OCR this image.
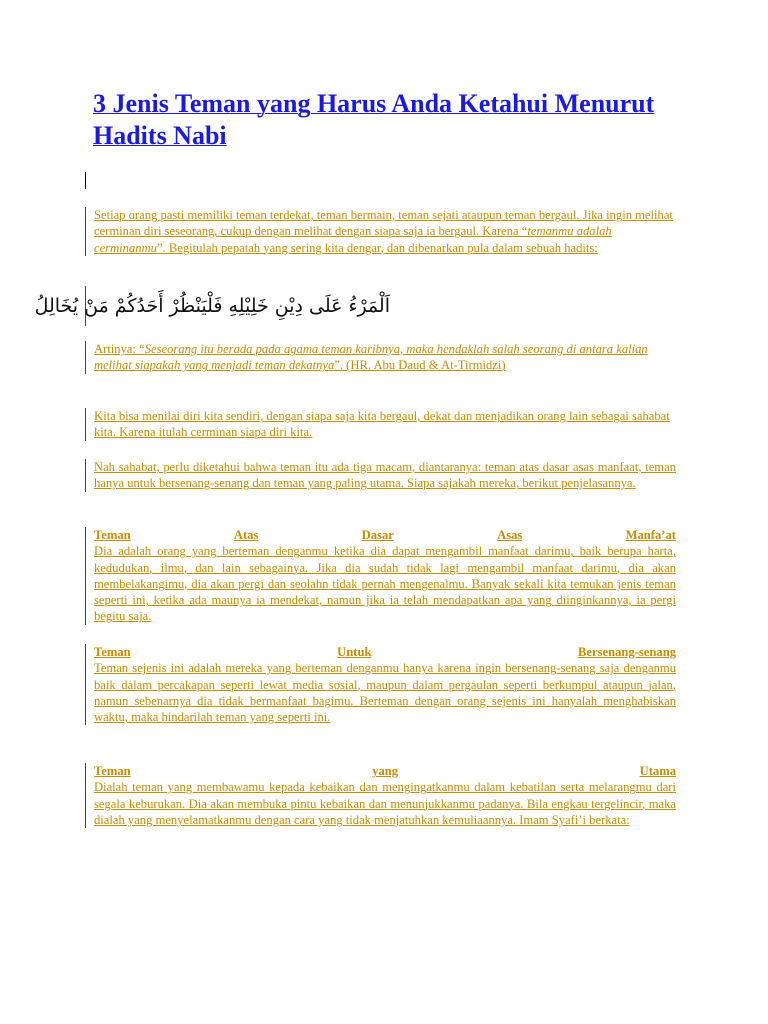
3 Jenis Teman yang Harus Anda Ketahui Menurut Hadits Nabi
Setiap orang pasti memiliki teman terdekat, teman bermain, teman sejati ataupun teman bergaul. Jika ingin melihat cerminan diri seseorang, cukup dengan melihat dengan siapa saja ia bergaul. Karena “temanmu adalah cerminanmu”. Begitulah pepatah yang sering kita dengar, dan dibenarkan pula dalam sebuah hadits:
اَلْمَرْءُ عَلَى دِيْنِ خَلِيْلِهِ فَلْيَنْظُرْ أَحَدُكُمْ مَنْ يُخَالِلُ
Artinya: “Seseorang itu berada pada agama teman karibnya, maka hendaklah salah seorang di antara kalian melihat siapakah yang menjadi teman dekatnya”. (HR. Abu Daud & At-Tirmidzi)
Kita bisa menilai diri kita sendiri, dengan siapa saja kita bergaul, dekat dan menjadikan orang lain sebagai sahabat kita. Karena itulah cerminan siapa diri kita.
Nah sahabat, perlu diketahui bahwa teman itu ada tiga macam, diantaranya: teman atas dasar asas manfaat, teman hanya untuk bersenang-senang dan teman yang paling utama. Siapa sajakah mereka, berikut penjelasannya.
Teman	Atas	Dasar	Asas	Manfa’at
Dia adalah orang yang berteman denganmu ketika dia dapat mengambil manfaat darimu, baik berupa harta, kedudukan, ilmu, dan lain sebagainya. Jika dia sudah tidak lagi mengambil manfaat darimu, dia akan membelakangimu, dia akan pergi dan seolahn tidak pernah mengenalmu. Banyak sekali kita temukan jenis teman seperti ini, ketika ada maunya ia mendekat, namun jika ia telah mendapatkan apa yang diinginkannya, ia pergi begitu saja.
Teman	Untuk	Bersenang-senang
Teman sejenis ini adalah mereka yang berteman denganmu hanya karena ingin bersenang-senang saja denganmu baik dalam percakapan seperti lewat media sosial, maupun dalam pergaulan seperti berkumpul ataupun jalan, namun sebenarnya dia tidak bermanfaat bagimu. Berteman dengan orang sejenis ini hanyalah menghabiskan waktu, maka hindarilah teman yang seperti ini.
Teman	yang	Utama
Dialah teman yang membawamu kepada kebaikan dan mengingatkanmu dalam kebatilan serta melarangmu dari segala keburukan. Dia akan membuka pintu kebaikan dan menunjukkanmu padanya. Bila engkau tergelincir, maka dialah yang menyelamatkanmu dengan cara yang tidak menjatuhkan kemuliaannya. Imam Syafi’i berkata:
